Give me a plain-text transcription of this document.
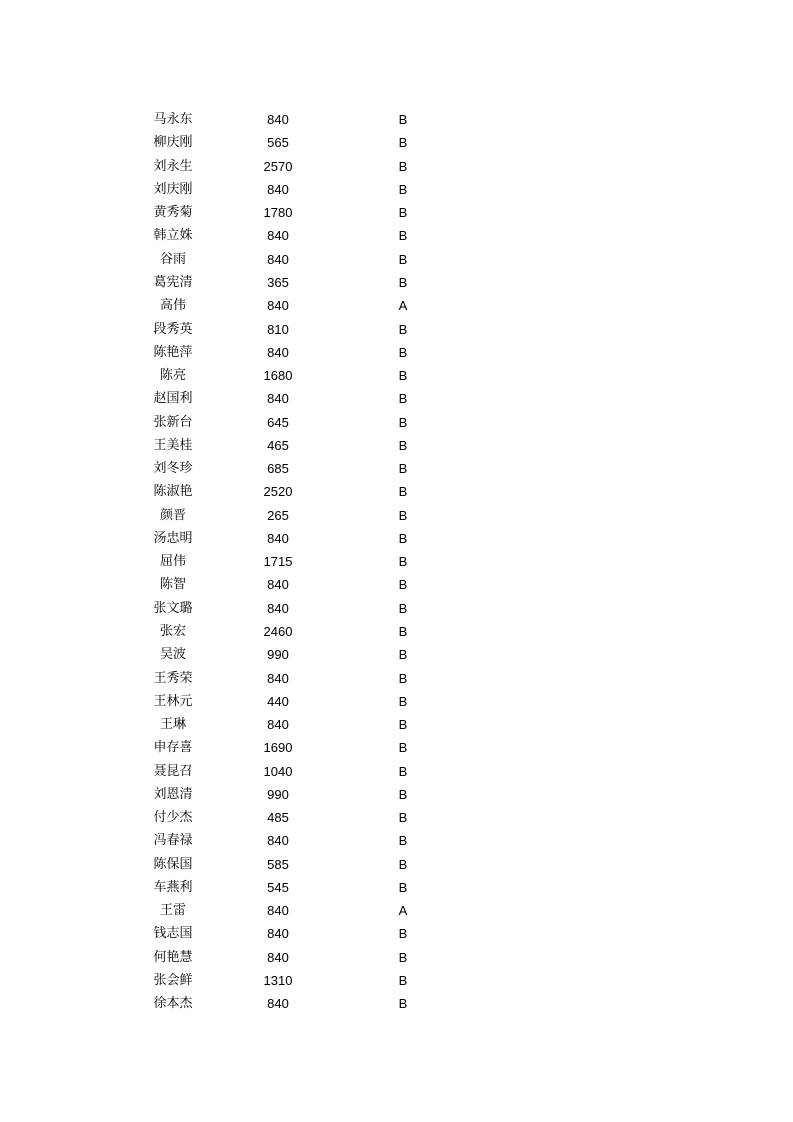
马永东	840	B
柳庆刚	565	B
刘永生	2570	B
刘庆刚	840	B
黄秀菊	1780	B
韩立姝	840	B
谷雨	840	B
葛宪清	365	B
高伟	840	A
段秀英	810	B
陈艳萍	840	B
陈亮	1680	B
赵国利	840	B
张新台	645	B
王美桂	465	B
刘冬珍	685	B
陈淑艳	2520	B
颜晋	265	B
汤忠明	840	B
屈伟	1715	B
陈智	840	B
张文璐	840	B
张宏	2460	B
吴波	990	B
王秀荣	840	B
王林元	440	B
王琳	840	B
申存喜	1690	B
聂昆召	1040	B
刘恩清	990	B
付少杰	485	B
冯春禄	840	B
陈保国	585	B
车燕利	545	B
王雷	840	A
钱志国	840	B
何艳慧	840	B
张会鲜	1310	B
徐本杰	840	B
